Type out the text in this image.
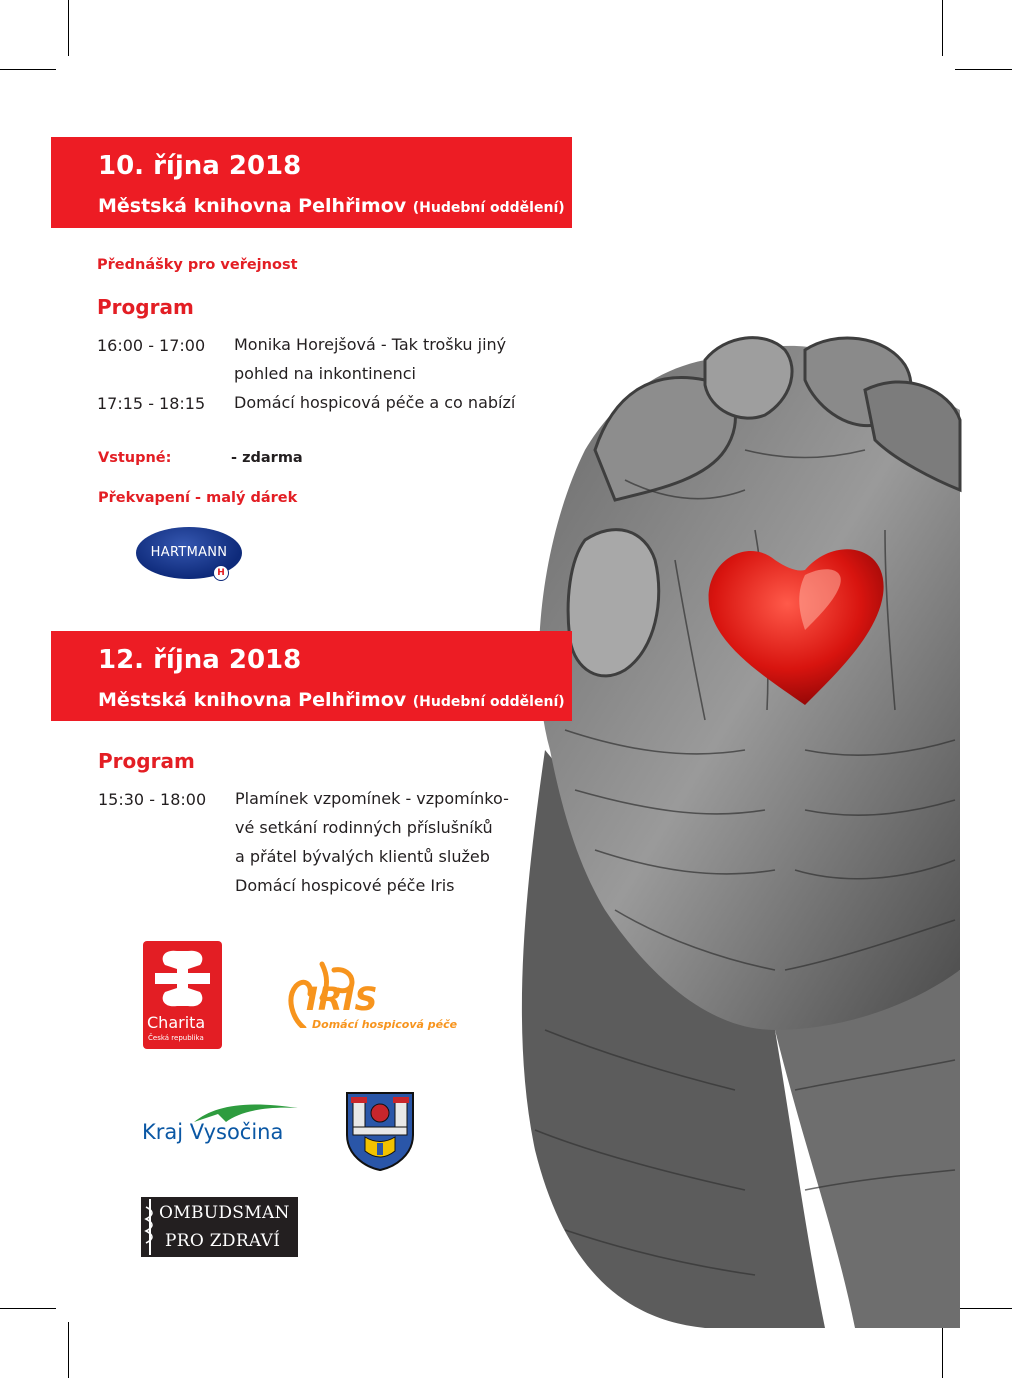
10. října 2018
Městská knihovna Pelhřimov (Hudební oddělení)
Přednášky pro veřejnost
Program
16:00 - 17:00 Monika Horejšová - Tak trošku jiný
pohled na inkontinenci
17:15 - 18:15 Domácí hospicová péče a co nabízí
Vstupné:	- zdarma
Překvapení - malý dárek
HARTMANN
H
12. října 2018
Městská knihovna Pelhřimov (Hudební oddělení)
Program
15:30 - 18:00 Plamínek vzpomínek - vzpomínko-
vé setkání rodinných příslušníků
a přátel bývalých klientů služeb
Domácí hospicové péče Iris
Charita
Česká republika
IRIS
Domácí hospicová péče
Kraj Vysočina
OMBUDSMAN
PRO ZDRAVÍ
